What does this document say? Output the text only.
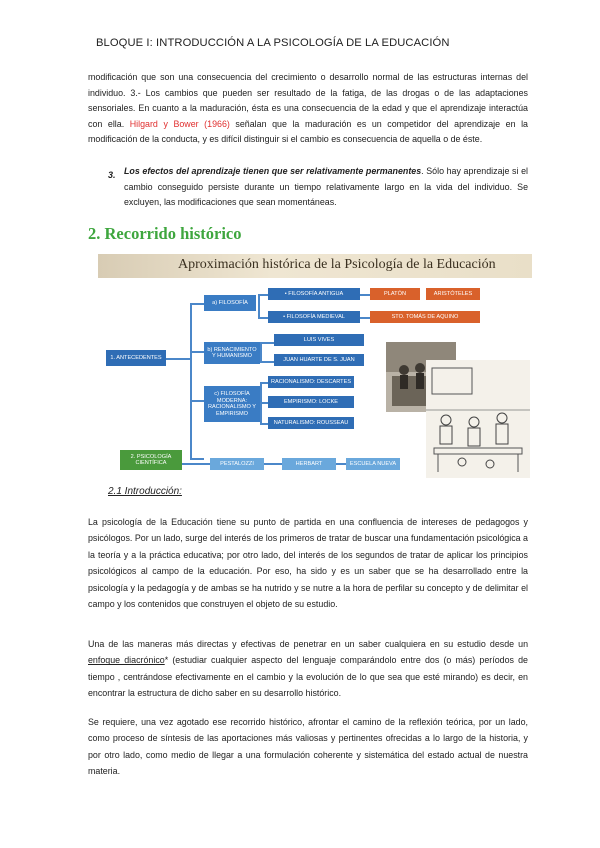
BLOQUE I: INTRODUCCIÓN A LA PSICOLOGÍA DE LA EDUCACIÓN
modificación que son una consecuencia del crecimiento o desarrollo normal de las estructuras internas del individuo. 3.- Los cambios que pueden ser resultado de la fatiga, de las drogas o de las adaptaciones sensoriales. En cuanto a la maduración, ésta es una consecuencia de la edad y que el aprendizaje interactúa con ella. Hilgard y Bower (1966) señalan que la maduración es un competidor del aprendizaje en la modificación de la conducta, y es difícil distinguir si el cambio es consecuencia de aquella o de éste.
3. Los efectos del aprendizaje tienen que ser relativamente permanentes. Sólo hay aprendizaje si el cambio conseguido persiste durante un tiempo relativamente largo en la vida del individuo. Se excluyen, las modificaciones que sean momentáneas.
2. Recorrido histórico
Aproximación histórica de la Psicología de la Educación
1. ANTECEDENTES
a) FILOSOFÍA
• FILOSOFÍA ANTIGUA
• FILOSOFÍA MEDIEVAL
PLATÓN	ARISTÓTELES
STO. TOMÁS DE AQUINO
b) RENACIMIENTO Y HUMANISMO
LUIS VIVES
JUAN HUARTE DE S. JUAN
c) FILOSOFÍA MODERNA: RACIONALISMO Y EMPIRISMO
RACIONALISMO: DESCARTES
EMPIRISMO: LOCKE
NATURALISMO: ROUSSEAU
2. PSICOLOGÍA CIENTÍFICA	PESTALOZZI	HERBART	ESCUELA NUEVA
2.1 Introducción:
La psicología de la Educación tiene su punto de partida en una confluencia de intereses de pedagogos y psicólogos. Por un lado, surge del interés de los primeros de tratar de buscar una fundamentación psicológica a la teoría y a la práctica educativa; por otro lado, del interés de los segundos de tratar de aplicar los principios psicológicos al campo de la educación. Por eso, ha sido y es un saber que se ha desarrollado entre la psicología y la pedagogía y de ambas se ha nutrido y se nutre a la hora de perfilar su concepto y de delimitar el campo y los contenidos que construyen el objeto de su estudio.
Una de las maneras más directas y efectivas de penetrar en un saber cualquiera en su estudio desde un enfoque diacrónico* (estudiar cualquier aspecto del lenguaje comparándolo entre dos (o más) períodos de tiempo , centrándose efectivamente en el cambio y la evolución de lo que sea que esté mirando) es decir, en encontrar la estructura de dicho saber en su desarrollo histórico.
Se requiere, una vez agotado ese recorrido histórico, afrontar el camino de la reflexión teórica, por un lado, como proceso de síntesis de las aportaciones más valiosas y pertinentes ofrecidas a lo largo de la historia, y por otro lado, como medio de llegar a una formulación coherente y sistemática del estado actual de nuestra materia.
